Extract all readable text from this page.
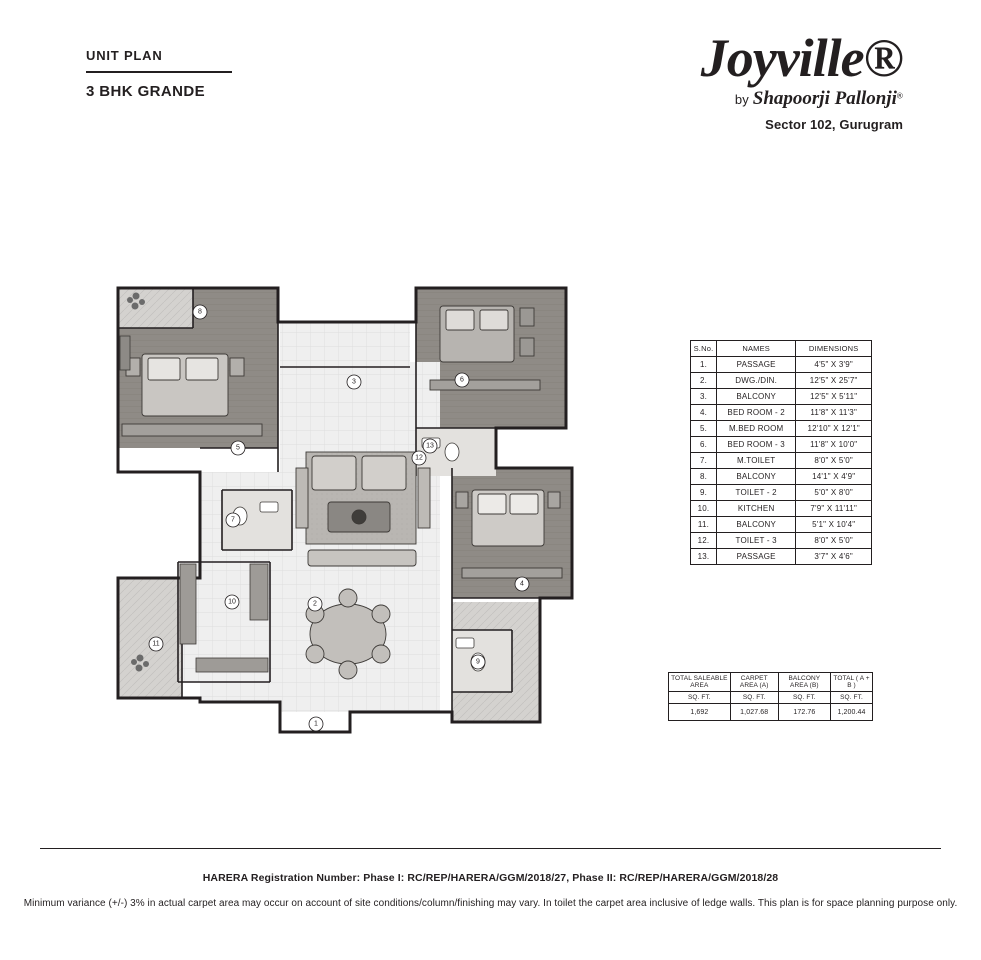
UNIT PLAN
3 BHK GRANDE
Joyville®
by Shapoorji Pallonji®
Sector 102, Gurugram
1
2
3
4
5
6
7
8
9
10
11
12
13
S.No.	NAMES	DIMENSIONS
1.	PASSAGE	4'5" X 3'9"
2.	DWG./DIN.	12'5" X 25'7"
3.	BALCONY	12'5" X 5'11"
4.	BED ROOM - 2	11'8" X 11'3"
5.	M.BED ROOM	12'10" X 12'1"
6.	BED ROOM - 3	11'8" X 10'0"
7.	M.TOILET	8'0" X 5'0"
8.	BALCONY	14'1" X 4'9"
9.	TOILET - 2	5'0" X 8'0"
10.	KITCHEN	7'9" X 11'11"
11.	BALCONY	5'1" X 10'4"
12.	TOILET - 3	8'0" X 5'0"
13.	PASSAGE	3'7" X 4'6"
TOTAL SALEABLE AREA	CARPET AREA (A)	BALCONY AREA (B)	TOTAL ( A + B )
SQ. FT.	SQ. FT.	SQ. FT.	SQ. FT.
1,692	1,027.68	172.76	1,200.44
HARERA Registration Number: Phase I: RC/REP/HARERA/GGM/2018/27, Phase II: RC/REP/HARERA/GGM/2018/28
Minimum variance (+/-) 3% in actual carpet area may occur on account of site conditions/column/finishing may vary. In toilet the carpet area inclusive of ledge walls. This plan is for space planning purpose only.
